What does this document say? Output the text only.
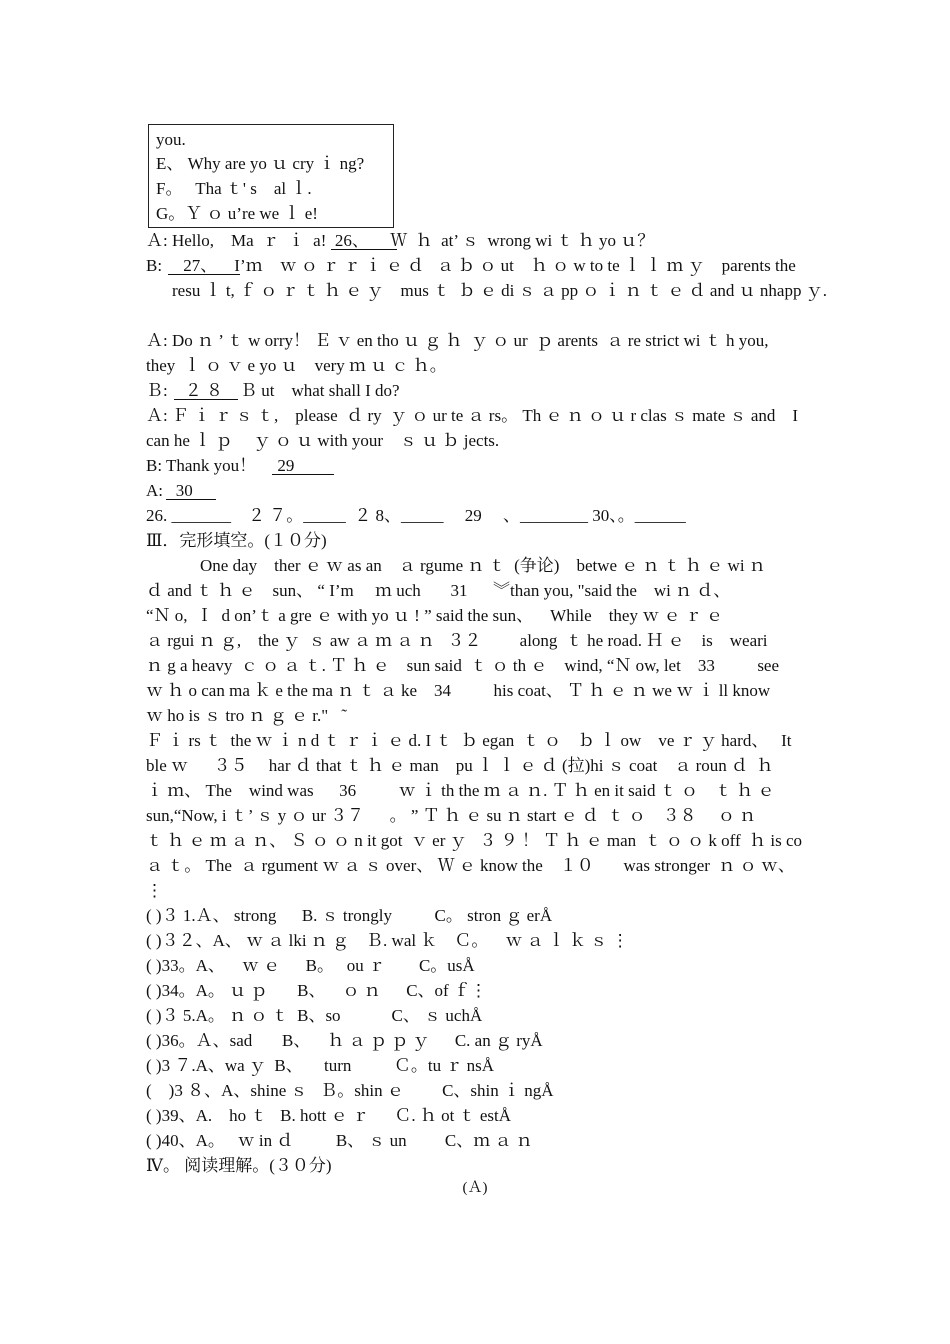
you.
E、 Why are yo ｕ cry ｉ ng?
F。   Tha ｔ' s    al ｌ.
G。Ｙ ｏ u’re we ｌ e!
Ａ: Hello,    Ma  ｒ  ｉ  a!  26、     Ｗ  ｈ  at’ ｓ  wrong wi ｔ ｈ yo ｕ？
B:     27、    I’ｍ    ｗ ｏ ｒ ｒ ｉ ｅ ｄ   ａ ｂ ｏ ut    ｈ ｏ w to te ｌ ｌ ｍ ｙ    parents the
resu ｌ t, ｆ ｏ ｒ ｔ ｈ ｅ ｙ    mus ｔ  ｂ ｅ di ｓ ａ pp ｏ ｉ ｎ ｔ ｅ ｄ and ｕ nhapp ｙ.
Ａ: Do ｎ ’ ｔ w orry！ Ｅ ｖ en tho ｕ ｇ ｈ  ｙ ｏ ur  ｐ arents  ａ re strict wi ｔ h you,
they  ｌ ｏ ｖ e yo ｕ    very ｍ ｕ ｃ ｈ。
Ｂ:    ２ ８    Ｂ ut    what shall I do?
Ａ: Ｆ ｉ ｒ ｓ ｔ,    please  ｄ ry  ｙ ｏ ur te ａ rs。 Th ｅ ｎ ｏ ｕ r clas ｓ mate ｓ and    I
can he ｌ ｐ     ｙ ｏ ｕ with your    ｓ ｕ ｂ jects.
B: Thank you！     29
A:   30
26. _______    ２ ７。_____  ２ 8、_____     29     、________ 30、。______
Ⅲ．完形填空。(１０分)
One day    ther ｅ ｗ as an    ａ rgume ｎ ｔ  (争论)    betwe ｅ ｎ ｔ ｈ ｅ wi ｎ
ｄ and ｔ ｈ ｅ    sun、 “ I’m     ｍ uch       31      ︾than you, "said the    wi ｎ ｄ、
“Ｎ o,  Ｉ  d on’ｔ a gre ｅ with yo ｕ ! ” said the sun、    While    they ｗ ｅ ｒ ｅ
ａ rgui ｎ ｇ,    the ｙ  ｓ aw ａ ｍ ａ ｎ   ３２         along  ｔ he road. Ｈ ｅ    is    weari
ｎ g a heavy  ｃ ｏ ａ ｔ. Ｔ ｈ ｅ    sun said  ｔ ｏ th ｅ    wind, “Ｎ ow, let    33          see
ｗ ｈ o can ma ｋ e the ma ｎ ｔ ａ ke    34          his coat、 Ｔ ｈ ｅ ｎ we ｗ ｉ ll know
ｗ ho is ｓ tro ｎ ｇ ｅ r."Ａ̃
Ｆ ｉ rs ｔ  the ｗ ｉ n d ｔ ｒ ｉ ｅ d. I ｔ  ｂ egan  ｔ ｏ    ｂ ｌ ow    ve ｒ ｙ hard、   It
ble ｗ      ３５     har ｄ that ｔ ｈ ｅ man    pu ｌ ｌ ｅ ｄ (拉)hi ｓ coat    ａ roun ｄ  ｈ
ｉ ｍ、 The    wind was      36          ｗ ｉ th the ｍ ａ ｎ. Ｔ ｈ en it said ｔ ｏ    ｔ ｈ ｅ
sun,“Now, i ｔ’ ｓ y ｏ ur ３７      。 ” Ｔ ｈ ｅ su ｎ start ｅ ｄ  ｔ ｏ    ３８     ｏ ｎ
ｔ ｈ ｅ ｍ ａ ｎ、 Ｓ ｏ ｏ n it got  ｖ er ｙ   ３ ９ ！ Ｔ ｈ ｅ man  ｔ ｏ ｏ k off  ｈ is co
ａ ｔ。 The  ａ rgument ｗ ａ ｓ over、 Ｗ ｅ know the    １０       was stronger  ｎ ｏ ｗ、
⋮
( )３ 1.Ａ、 strong      B. ｓ trongly          C。 stron ｇ erÅ
( )３２、A、 ｗ ａ lki ｎ ｇ    Ｂ. wal ｋ    Ｃ。    ｗ ａ ｌ ｋ ｓ ⋮
( )33。A、    ｗ ｅ      B。   ou ｒ        C。usÅ
( )34。A。 ｕ ｐ       B、    ｏ ｎ      C、of ｆ⋮
( )３ 5.A。 ｎ ｏ ｔ  B、so            C、 ｓ uchÅ
( )36。Ａ、sad       B、    ｈ ａ ｐ ｐ ｙ      C. an ｇ ryÅ
( )3 ７.A、wa ｙ  B、     turn          Ｃ。tu ｒ nsÅ
(    )3 ８、A、shine ｓ   Ｂ。shin ｅ         C、shin ｉ ngÅ
( )39、A.    ho ｔ   B. hott ｅ ｒ      Ｃ. ｈ ot ｔ estÅ
( )40、A。   ｗ in ｄ          B、 ｓ un         C、ｍ ａ ｎ
Ⅳ。 阅读理解。(３０分)
(Ａ)
